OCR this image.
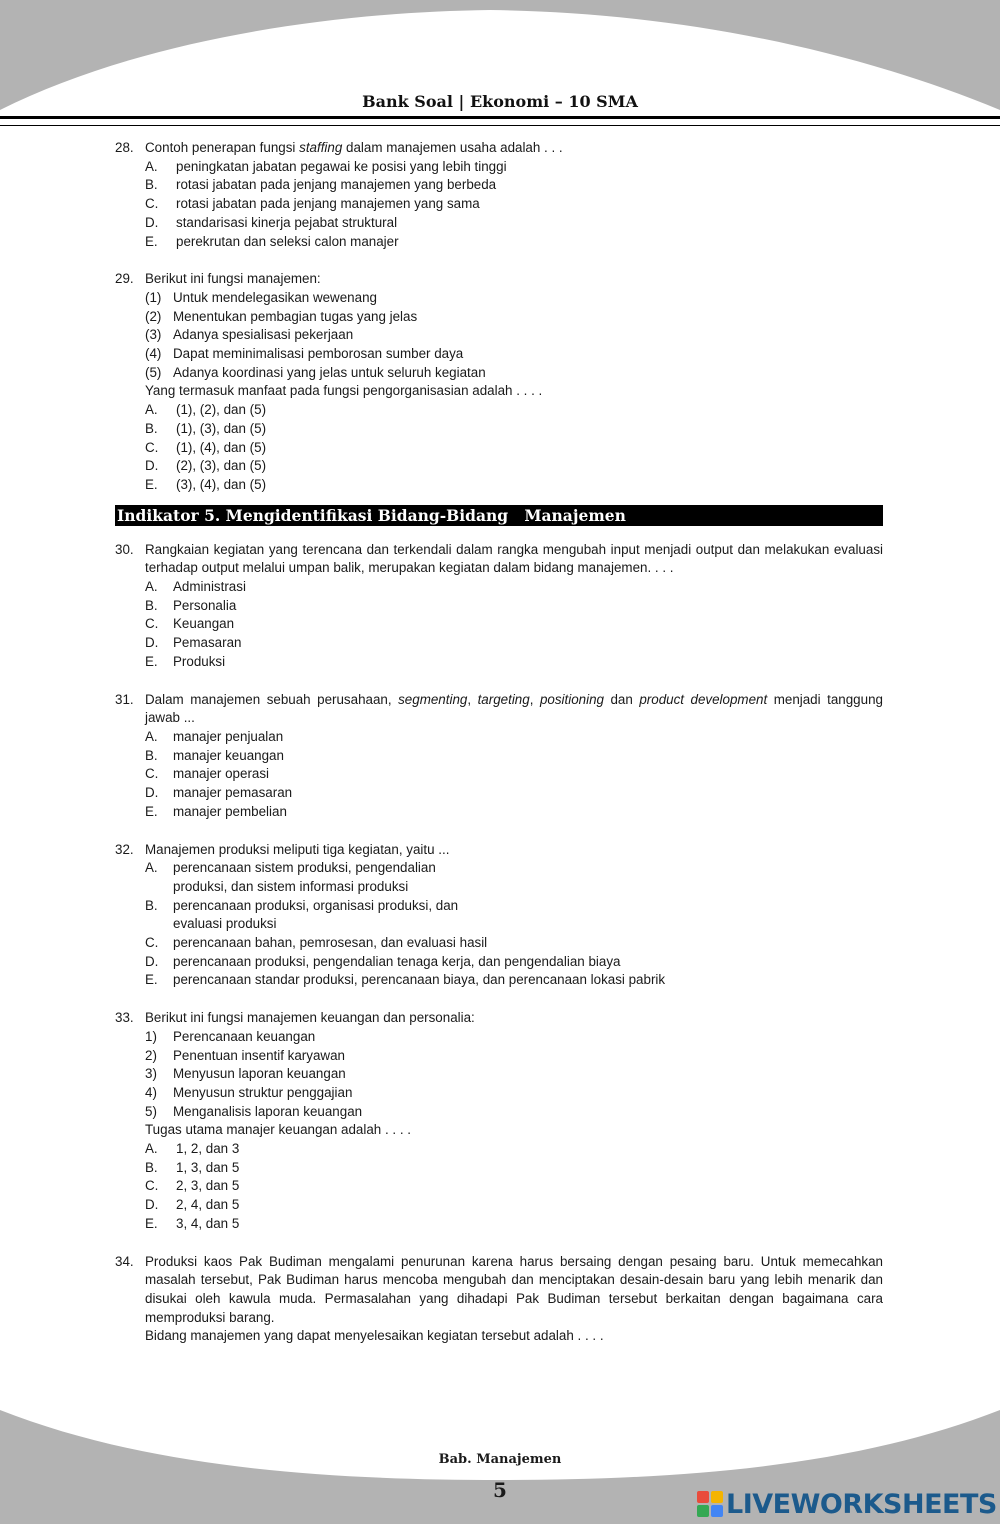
Bank Soal | Ekonomi – 10 SMA
28. Contoh penerapan fungsi staffing dalam manajemen usaha adalah . . .
A. peningkatan jabatan pegawai ke posisi yang lebih tinggi
B. rotasi jabatan pada jenjang manajemen yang berbeda
C. rotasi jabatan pada jenjang manajemen yang sama
D. standarisasi kinerja pejabat struktural
E. perekrutan dan seleksi calon manajer
29. Berikut ini fungsi manajemen:
(1) Untuk mendelegasikan wewenang
(2) Menentukan pembagian tugas yang jelas
(3) Adanya spesialisasi pekerjaan
(4) Dapat meminimalisasi pemborosan sumber daya
(5) Adanya koordinasi yang jelas untuk seluruh kegiatan
Yang termasuk manfaat pada fungsi pengorganisasian adalah . . . .
A. (1), (2), dan (5)
B. (1), (3), dan (5)
C. (1), (4), dan (5)
D. (2), (3), dan (5)
E. (3), (4), dan (5)
Indikator 5. Mengidentifikasi Bidang-Bidang   Manajemen
30. Rangkaian kegiatan yang terencana dan terkendali dalam rangka mengubah input menjadi output dan melakukan evaluasi terhadap output melalui umpan balik, merupakan kegiatan dalam bidang manajemen. . . .
A. Administrasi
B. Personalia
C. Keuangan
D. Pemasaran
E. Produksi
31. Dalam manajemen sebuah perusahaan, segmenting, targeting, positioning dan product development menjadi tanggung jawab ...
A. manajer penjualan
B. manajer keuangan
C. manajer operasi
D. manajer pemasaran
E. manajer pembelian
32. Manajemen produksi meliputi tiga kegiatan, yaitu ...
A. perencanaan sistem produksi, pengendalian
produksi, dan sistem informasi produksi
B. perencanaan produksi, organisasi produksi, dan
evaluasi produksi
C. perencanaan bahan, pemrosesan, dan evaluasi hasil
D. perencanaan produksi, pengendalian tenaga kerja, dan pengendalian biaya
E. perencanaan standar produksi, perencanaan biaya, dan perencanaan lokasi pabrik
33. Berikut ini fungsi manajemen keuangan dan personalia:
1) Perencanaan keuangan
2) Penentuan insentif karyawan
3) Menyusun laporan keuangan
4) Menyusun struktur penggajian
5) Menganalisis laporan keuangan
Tugas utama manajer keuangan adalah . . . .
A. 1, 2, dan 3
B. 1, 3, dan 5
C. 2, 3, dan 5
D. 2, 4, dan 5
E. 3, 4, dan 5
34. Produksi kaos Pak Budiman mengalami penurunan karena harus bersaing dengan pesaing baru. Untuk memecahkan masalah tersebut, Pak Budiman harus mencoba mengubah dan menciptakan desain-desain baru yang lebih menarik dan disukai oleh kawula muda. Permasalahan yang dihadapi Pak Budiman tersebut berkaitan dengan bagaimana cara memproduksi barang.
Bidang manajemen yang dapat menyelesaikan kegiatan tersebut adalah . . . .
Bab. Manajemen
5	LIVEWORKSHEETS
